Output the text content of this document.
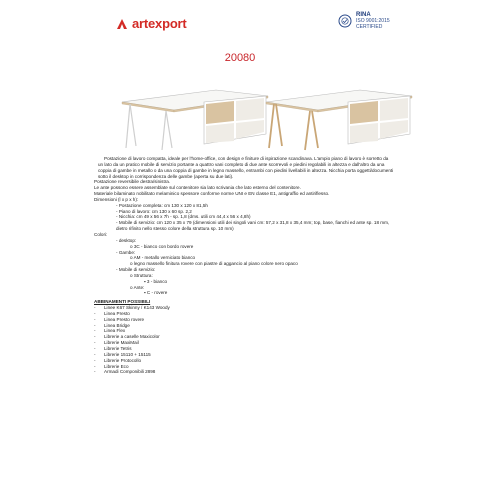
artexport
RINA
ISO 9001:2015
CERTIFIED
20080

Postazione di lavoro compatta, ideale per l'home-office, con design e finiture di ispirazione scandinava. L'ampio piano di lavoro è sorretto da un lato da un pratico mobile di servizio portante a quattro vani completo di due ante scorrevoli e piedini regolabili in altezza e dall'altro da una coppia di gambe in metallo o da una coppia di gambe in legno massello, entrambi con piedini livellabili in altezza. Nicchia porta oggetti/documenti sotto il desktop in corrispondenza delle gambe (aperta su due lati).

Postazione reversibile destra/sinistra.

Le ante possono essere assemblate sul contenitore sia lato scrivania che lato esterno del contenitore.

Materiale bilaminato nobilitato melaminico spessore conforme norme UNI e EN classe E1, antigraffio ed antiriflesso.

Dimensioni (l x p x h):

- Postazione completa: cm 130 x 120 x 81,5h

- Piano di lavoro: cm 130 x 60 sp. 2,2

- Nicchia: cm 49 x 56 x 7h - sp. 1,8 (dms. utili cm 44,4 x 56 x 4,8h)

- Mobile di servizio: cm 120 x 35 x 79 (dimensioni utili dei singoli vani cm: 57,2 x 31,8 x 35,4 mm; top, base, fianchi ed ante sp. 18 mm, dietro rifinito nello stesso colore della struttura sp. 10 mm)

Colori:

- desktop:

o 3C - bianco con bordo rovere

- Gambe:

o AM - metallo verniciato bianco

o legno massello finitura rovere con piastre di aggancio al piano colore nero opaco

- Mobile di servizio:

o Struttura:

▪ 3 - bianco

o Ante:

▪ C - rovere

ABBINAMENTI POSSIBILI

- Linee K67 Skinny / K143 Woody

- Linea Presto

- Linea Presto rovere

- Linea Bridge

- Linea Flex

- Librerie a caselle Maxicolor

- Librerie MaxiMail

- Librerie Tetris

- Librerie 15110 + 15115

- Librerie Protocollo

- Librerie Eco

- Armadi Componibili 2898
